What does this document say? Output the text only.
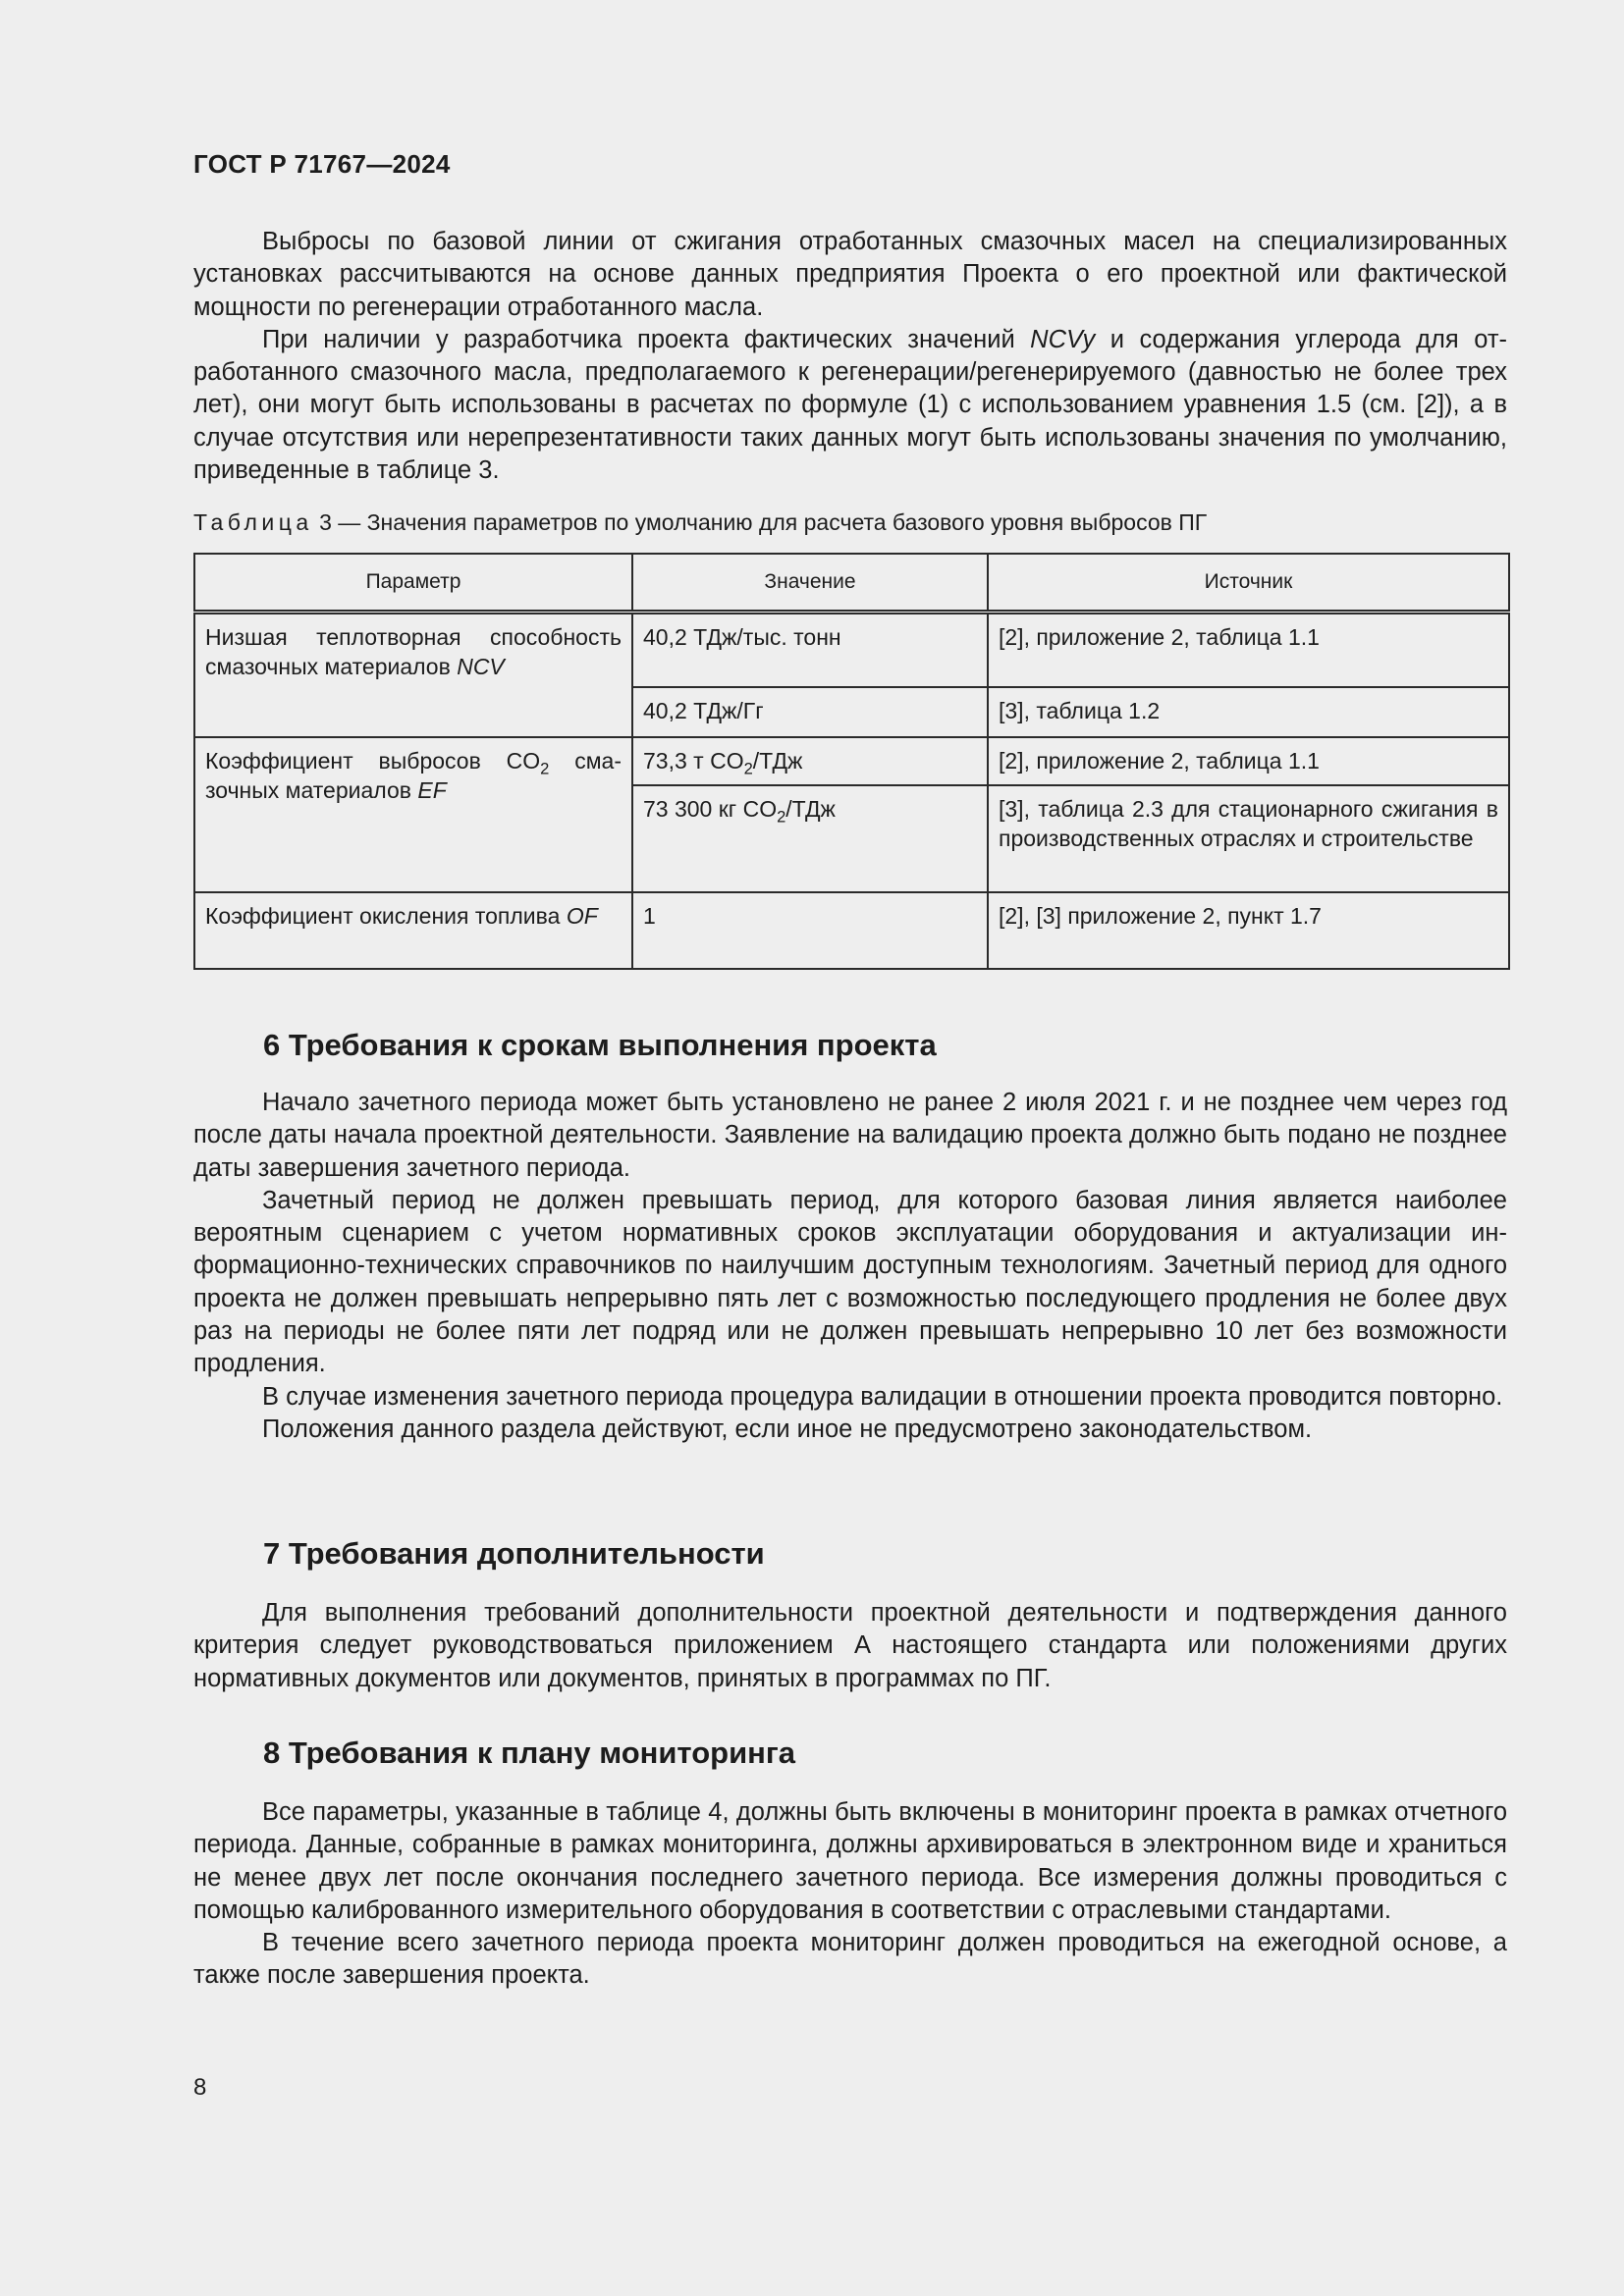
ГОСТ Р 71767—2024

Выбросы по базовой линии от сжигания отработанных смазочных масел на специализированных установках рассчитываются на основе данных предприятия Проекта о его проектной или фактической мощности по регенерации отработанного масла.

При наличии у разработчика проекта фактических значений NCVy и содержания углерода для отработанного смазочного масла, предполагаемого к регенерации/регенерируемого (давностью не более трех лет), они могут быть использованы в расчетах по формуле (1) с использованием уравнения 1.5 (см. [2]), а в случае отсутствия или нерепрезентативности таких данных могут быть использованы значения по умолчанию, приведенные в таблице 3.

Таблица 3 — Значения параметров по умолчанию для расчета базового уровня выбросов ПГ
Параметр	Значение	Источник
Низшая теплотворная способность смазочных материалов NCV	40,2 ТДж/тыс. тонн	[2], приложение 2, таблица 1.1
	40,2 ТДж/Гг	[3], таблица 1.2
Коэффициент выбросов $CO_2$ смазочных материалов EF	73,3 т $CO_2$/ТДж	[2], приложение 2, таблица 1.1
	73 300 кг $CO_2$/ТДж	[3], таблица 2.3 для стационарного сжигания в производственных отраслях и строительстве
Коэффициент окисления топлива OF	1	[2], [3] приложение 2, пункт 1.7
6 Требования к срокам выполнения проекта

Начало зачетного периода может быть установлено не ранее 2 июля 2021 г. и не позднее чем через год после даты начала проектной деятельности. Заявление на валидацию проекта должно быть подано не позднее даты завершения зачетного периода.

Зачетный период не должен превышать период, для которого базовая линия является наиболее вероятным сценарием с учетом нормативных сроков эксплуатации оборудования и актуализации информационно-технических справочников по наилучшим доступным технологиям. Зачетный период для одного проекта не должен превышать непрерывно пять лет с возможностью последующего продления не более двух раз на периоды не более пяти лет подряд или не должен превышать непрерывно 10 лет без возможности продления.

В случае изменения зачетного периода процедура валидации в отношении проекта проводится повторно.

Положения данного раздела действуют, если иное не предусмотрено законодательством.

7 Требования дополнительности

Для выполнения требований дополнительности проектной деятельности и подтверждения данного критерия следует руководствоваться приложением А настоящего стандарта или положениями других нормативных документов или документов, принятых в программах по ПГ.

8 Требования к плану мониторинга

Все параметры, указанные в таблице 4, должны быть включены в мониторинг проекта в рамках отчетного периода. Данные, собранные в рамках мониторинга, должны архивироваться в электронном виде и храниться не менее двух лет после окончания последнего зачетного периода. Все измерения должны проводиться с помощью калиброванного измерительного оборудования в соответствии с отраслевыми стандартами.

В течение всего зачетного периода проекта мониторинг должен проводиться на ежегодной основе, а также после завершения проекта.

8
